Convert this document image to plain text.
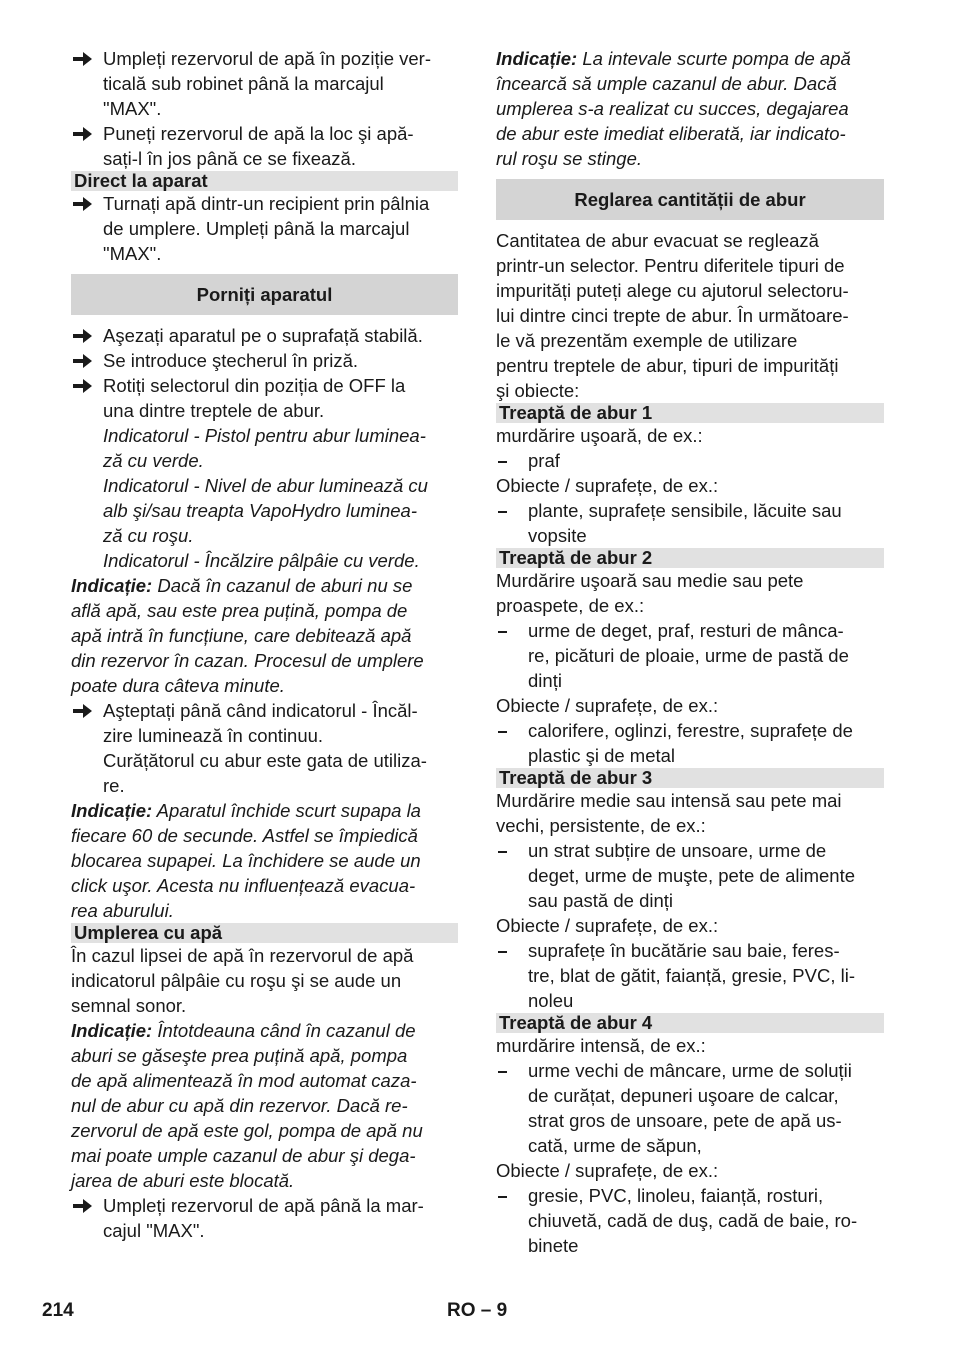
Umpleți rezervorul de apă în poziție ver-
ticală sub robinet până la marcajul
"MAX".
Puneți rezervorul de apă la loc şi apă-
sați-l în jos până ce se fixează.
Direct la aparat
Turnați apă dintr-un recipient prin pâlnia
de umplere. Umpleți până la marcajul
"MAX".
Porniți aparatul
Aşezați aparatul pe o suprafață stabilă.
Se introduce ştecherul în priză.
Rotiți selectorul din poziția de OFF la
una dintre treptele de abur.
Indicatorul - Pistol pentru abur luminea-
ză cu verde.
Indicatorul - Nivel de abur luminează cu
alb şi/sau treapta VapoHydro luminea-
ză cu roşu.
Indicatorul - Încălzire pâlpâie cu verde.
Indicație: Dacă în cazanul de aburi nu se
află apă, sau este prea puțină, pompa de
apă intră în funcțiune, care debitează apă
din rezervor în cazan. Procesul de umplere
poate dura câteva minute.
Aşteptați până când indicatorul - Încăl-
zire luminează în continuu.
Curățătorul cu abur este gata de utiliza-
re.
Indicație: Aparatul închide scurt supapa la
fiecare 60 de secunde. Astfel se împiedică
blocarea supapei. La închidere se aude un
click uşor. Acesta nu influențează evacua-
rea aburului.
Umplerea cu apă
În cazul lipsei de apă în rezervorul de apă
indicatorul pâlpâie cu roşu şi se aude un
semnal sonor.
Indicație: Întotdeauna când în cazanul de
aburi se găseşte prea puțină apă, pompa
de apă alimentează în mod automat caza-
nul de abur cu apă din rezervor. Dacă re-
zervorul de apă este gol, pompa de apă nu
mai poate umple cazanul de abur şi dega-
jarea de aburi este blocată.
Umpleți rezervorul de apă până la mar-
cajul "MAX".
Indicație: La intevale scurte pompa de apă
încearcă să umple cazanul de abur. Dacă
umplerea s-a realizat cu succes, degajarea
de abur este imediat eliberată, iar indicato-
rul roşu se stinge.
Reglarea cantității de abur
Cantitatea de abur evacuat se reglează
printr-un selector. Pentru diferitele tipuri de
impurități puteți alege cu ajutorul selectoru-
lui dintre cinci trepte de abur. În următoare-
le vă prezentăm exemple de utilizare
pentru treptele de abur, tipuri de impurități
şi obiecte:
Treaptă de abur 1
murdărire uşoară, de ex.:
praf
Obiecte / suprafețe, de ex.:
plante, suprafețe sensibile, lăcuite sau
vopsite
Treaptă de abur 2
Murdărire uşoară sau medie sau pete
proaspete, de ex.:
urme de deget, praf, resturi de mânca-
re, picături de ploaie, urme de pastă de
dinți
Obiecte / suprafețe, de ex.:
calorifere, oglinzi, ferestre, suprafețe de
plastic şi de metal
Treaptă de abur 3
Murdărire medie sau intensă sau pete mai
vechi, persistente, de ex.:
un strat subțire de unsoare, urme de
deget, urme de muşte, pete de alimente
sau pastă de dinți
Obiecte / suprafețe, de ex.:
suprafețe în bucătărie sau baie, feres-
tre, blat de gătit, faianță, gresie, PVC, li-
noleu
Treaptă de abur 4
murdărire intensă, de ex.:
urme vechi de mâncare, urme de soluții
de curățat, depuneri uşoare de calcar,
strat gros de unsoare, pete de apă us-
cată, urme de săpun,
Obiecte / suprafețe, de ex.:
gresie, PVC, linoleu, faianță, rosturi,
chiuvetă, cadă de duş, cadă de baie, ro-
binete
214	RO – 9
